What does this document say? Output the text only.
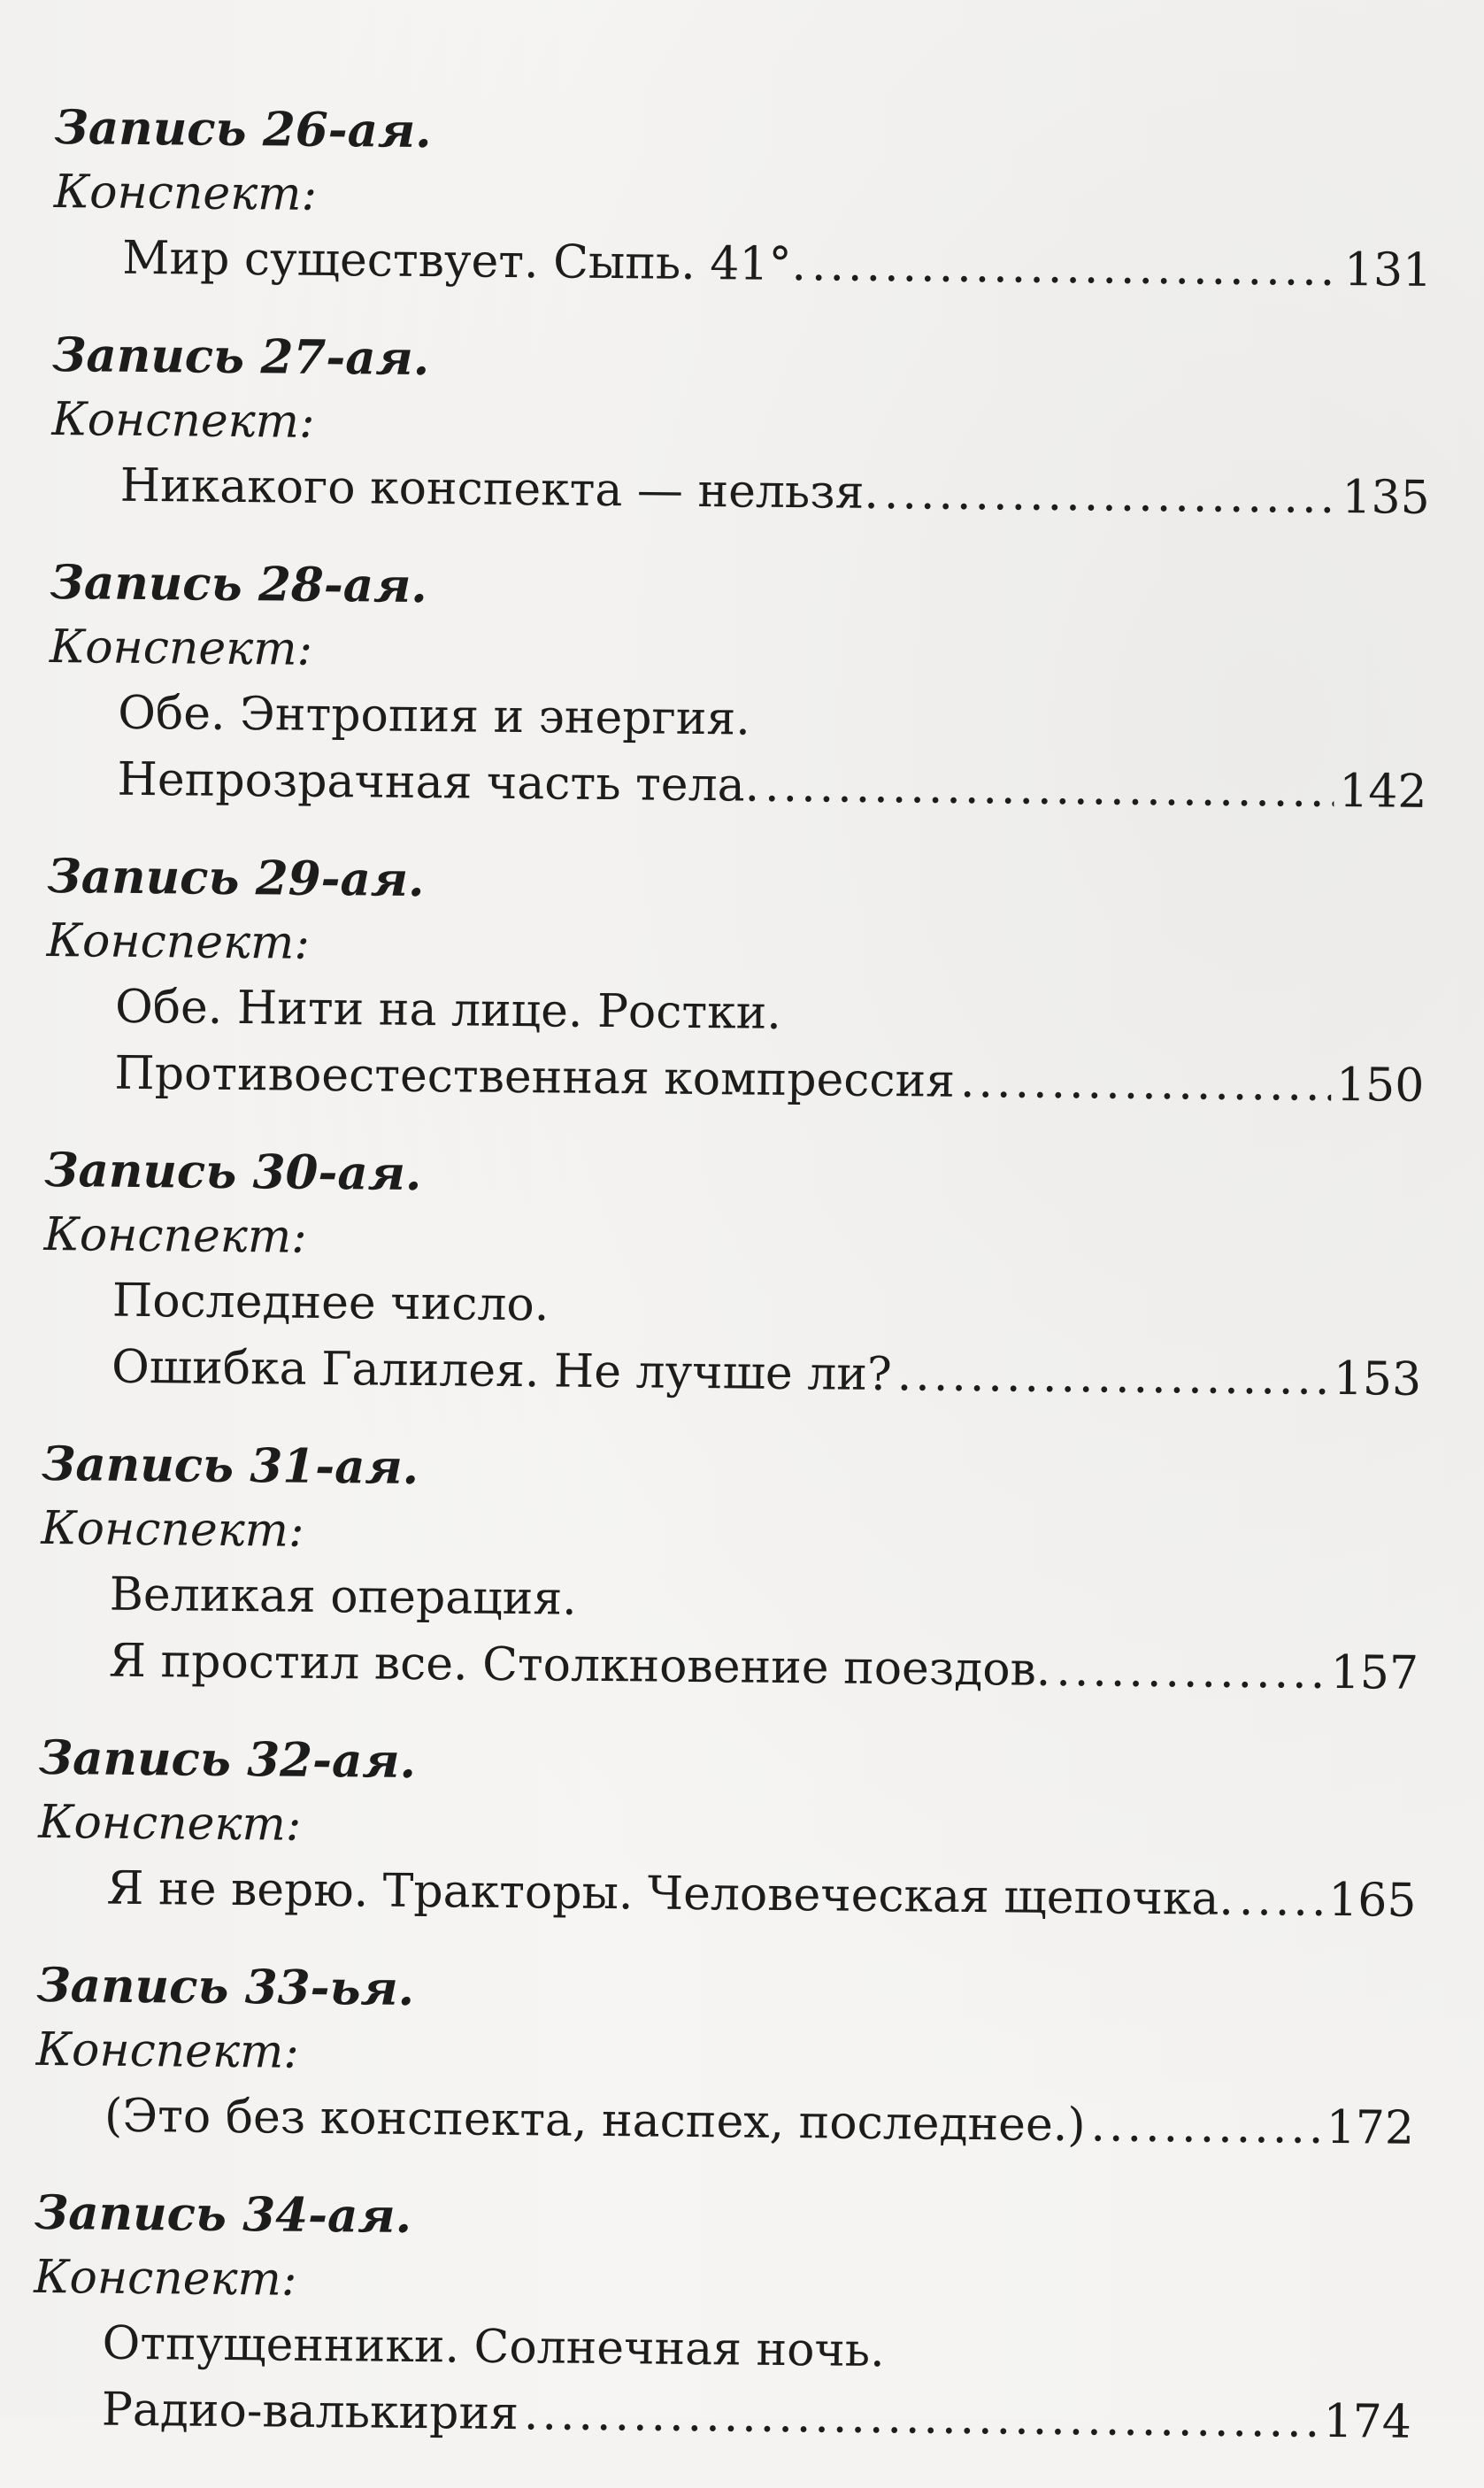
Запись 26-ая.
Конспект:
Мир существует. Сыпь. 41°. .....	131
Запись 27-ая.
Конспект:
Никакого конспекта — нельзя. .....	135
Запись 28-ая.
Конспект:
Обе. Энтропия и энергия.
Непрозрачная часть тела. .....	142
Запись 29-ая.
Конспект:
Обе. Нити на лице. Ростки.
Противоестественная компрессия .....	150
Запись 30-ая.
Конспект:
Последнее число.
Ошибка Галилея. Не лучше ли? .....	153
Запись 31-ая.
Конспект:
Великая операция.
Я простил все. Столкновение поездов. .....	157
Запись 32-ая.
Конспект:
Я не верю. Тракторы. Человеческая щепочка. ..... 165
Запись 33-ья.
Конспект:
(Это без конспекта, наспех, последнее.) .....	172
Запись 34-ая.
Конспект:
Отпущенники. Солнечная ночь.
Радио-валькирия .....	174
